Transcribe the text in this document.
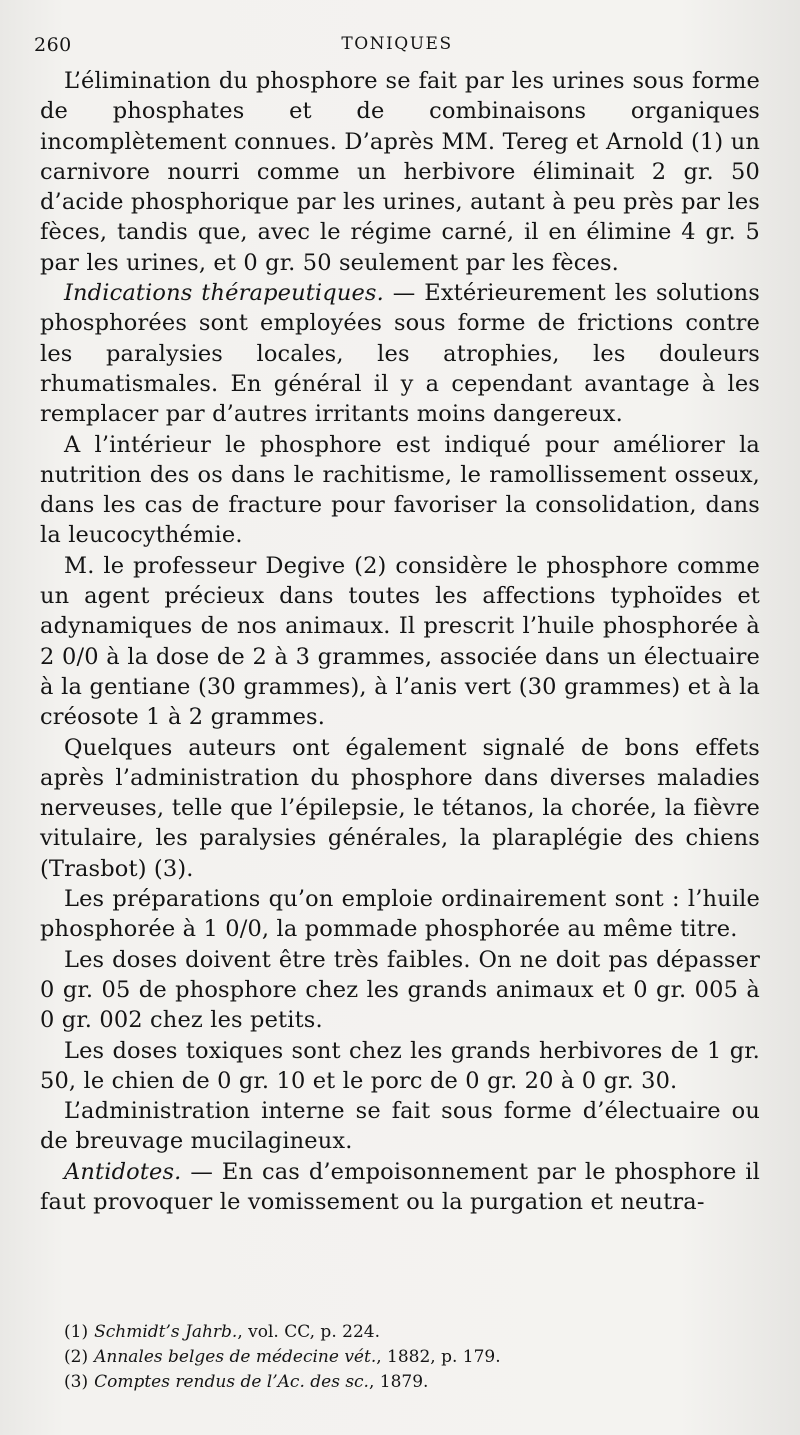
260	TONIQUES

L’élimination du phosphore se fait par les urines sous forme de phosphates et de combinaisons organiques incomplètement connues. D’après MM. Tereg et Arnold (1) un carnivore nourri comme un herbivore éliminait 2 gr. 50 d’acide phosphorique par les urines, autant à peu près par les fèces, tandis que, avec le régime carné, il en élimine 4 gr. 5 par les urines, et 0 gr. 50 seulement par les fèces.

Indications thérapeutiques. — Extérieurement les solutions phosphorées sont employées sous forme de frictions contre les paralysies locales, les atrophies, les douleurs rhumatismales. En général il y a cependant avantage à les remplacer par d’autres irritants moins dangereux.

A l’intérieur le phosphore est indiqué pour améliorer la nutrition des os dans le rachitisme, le ramollissement osseux, dans les cas de fracture pour favoriser la consolidation, dans la leucocythémie.

M. le professeur Degive (2) considère le phosphore comme un agent précieux dans toutes les affections typhoïdes et adynamiques de nos animaux. Il prescrit l’huile phosphorée à 2 0/0 à la dose de 2 à 3 grammes, associée dans un électuaire à la gentiane (30 grammes), à l’anis vert (30 grammes) et à la créosote 1 à 2 grammes.

Quelques auteurs ont également signalé de bons effets après l’administration du phosphore dans diverses maladies nerveuses, telle que l’épilepsie, le tétanos, la chorée, la fièvre vitulaire, les paralysies générales, la plaraplégie des chiens (Trasbot) (3).

Les préparations qu’on emploie ordinairement sont : l’huile phosphorée à 1 0/0, la pommade phosphorée au même titre.

Les doses doivent être très faibles. On ne doit pas dépasser 0 gr. 05 de phosphore chez les grands animaux et 0 gr. 005 à 0 gr. 002 chez les petits.

Les doses toxiques sont chez les grands herbivores de 1 gr. 50, le chien de 0 gr. 10 et le porc de 0 gr. 20 à 0 gr. 30.

L’administration interne se fait sous forme d’électuaire ou de breuvage mucilagineux.

Antidotes. — En cas d’empoisonnement par le phosphore il faut provoquer le vomissement ou la purgation et neutra-

(1) Schmidt’s Jahrb., vol. CC, p. 224.
(2) Annales belges de médecine vét., 1882, p. 179.
(3) Comptes rendus de l’Ac. des sc., 1879.
